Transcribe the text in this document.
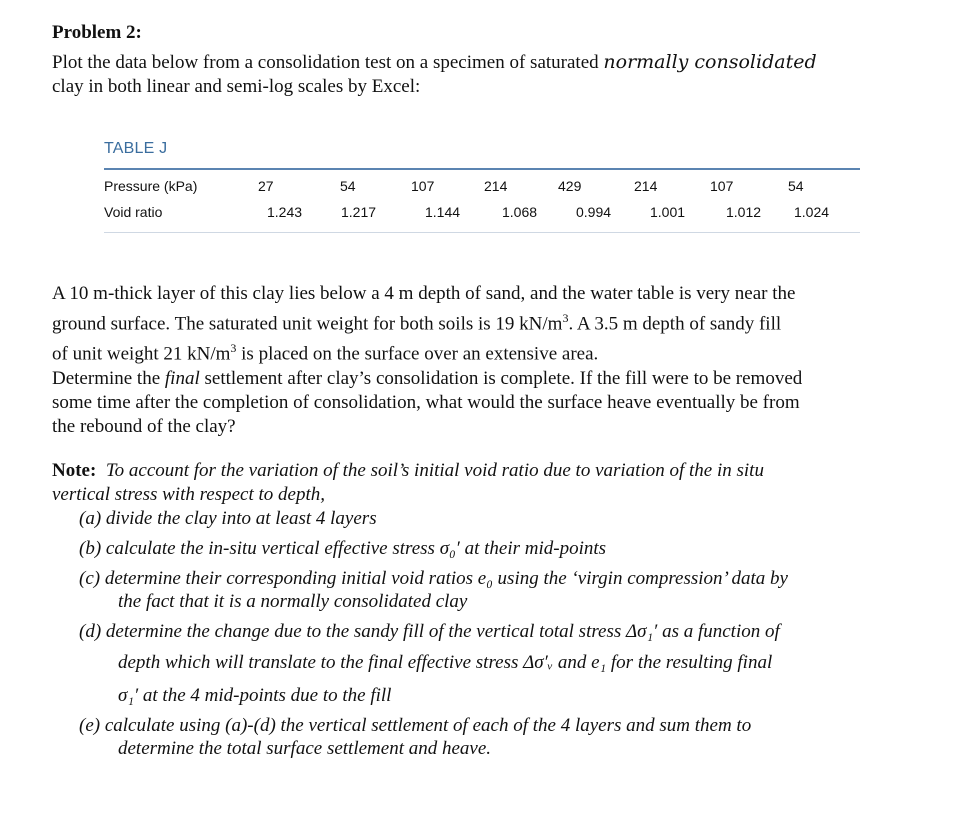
Problem 2:

Plot the data below from a consolidation test on a specimen of saturated normally consolidated
clay in both linear and semi-log scales by Excel:

TABLE J
Pressure (kPa)	27	54	107	214	429	214	107	54
Void ratio	1.243	1.217	1.144	1.068	0.994	1.001	1.012 1.024

A 10 m-thick layer of this clay lies below a 4 m depth of sand, and the water table is very near the
ground surface. The saturated unit weight for both soils is 19 $kN/m^3$. A 3.5 m depth of sandy fill
of unit weight 21 $kN/m^3$ is placed on the surface over an extensive area.
Determine the final settlement after clay’s consolidation is complete. If the fill were to be removed
some time after the completion of consolidation, what would the surface heave eventually be from
the rebound of the clay?

Note: To account for the variation of the soil’s initial void ratio due to variation of the in situ
vertical stress with respect to depth,

(a) divide the clay into at least 4 layers
(b) calculate the in-situ vertical effective stress σ₀′ at their mid-points
(c) determine their corresponding initial void ratios e₀ using the ‘virgin compression’ data by
the fact that it is a normally consolidated clay
(d) determine the change due to the sandy fill of the vertical total stress Δσ₁′ as a function of
depth which will translate to the final effective stress Δσ′ᵥ and e₁ for the resulting final
σ₁′ at the 4 mid-points due to the fill
(e) calculate using (a)-(d) the vertical settlement of each of the 4 layers and sum them to
determine the total surface settlement and heave.
